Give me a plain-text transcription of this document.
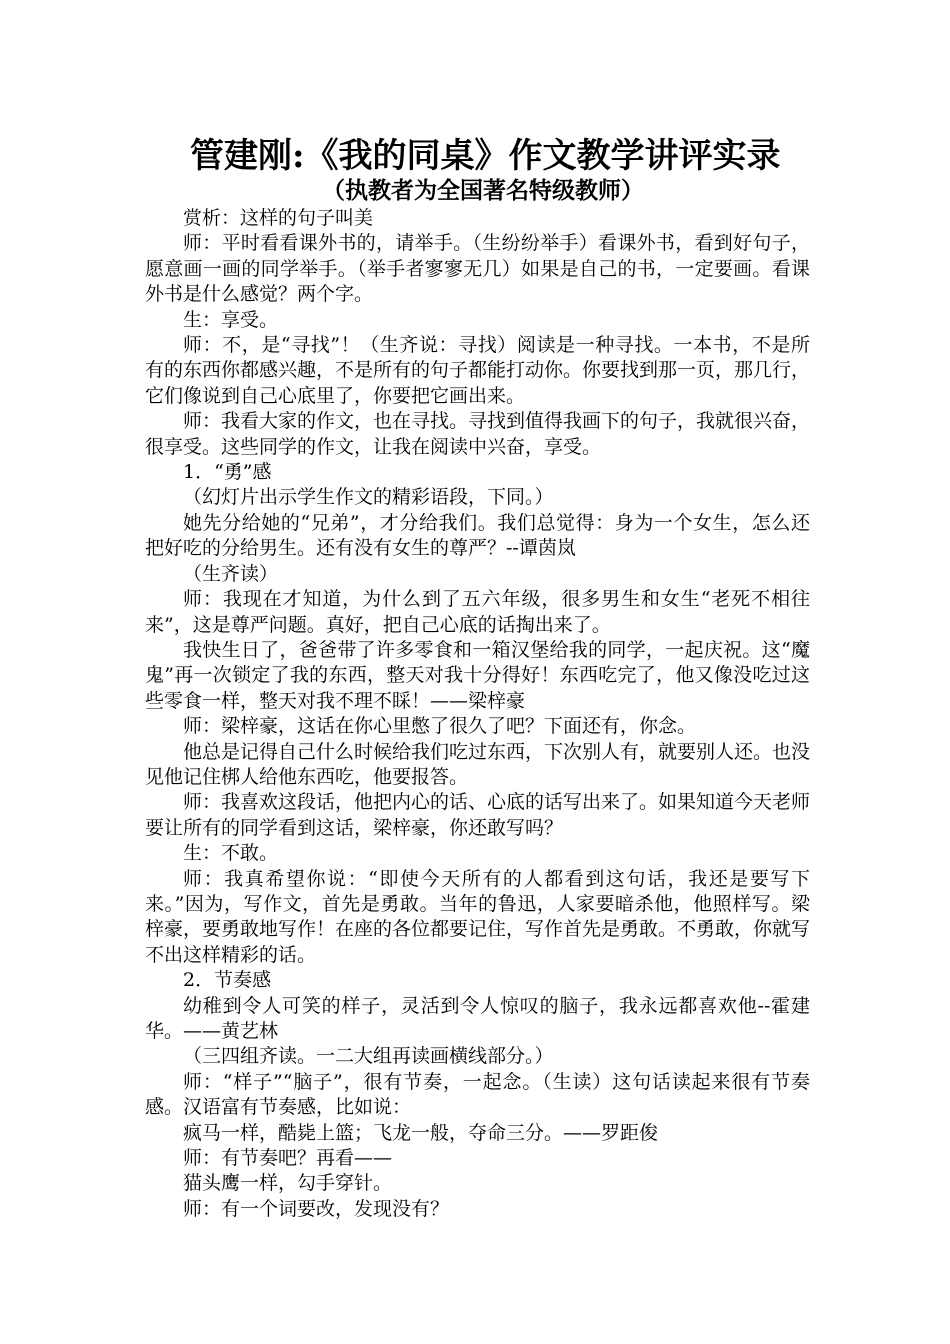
管建刚:《我的同桌》作文教学讲评实录
（执教者为全国著名特级教师）

赏析：这样的句子叫美

师：平时看看课外书的，请举手。（生纷纷举手）看课外书，看到好句子，愿意画一画的同学举手。（举手者寥寥无几）如果是自己的书，一定要画。看课外书是什么感觉？两个字。

生：享受。

师：不，是“寻找”！（生齐说：寻找）阅读是一种寻找。一本书，不是所有的东西你都感兴趣，不是所有的句子都能打动你。你要找到那一页，那几行，它们像说到自己心底里了，你要把它画出来。

师：我看大家的作文，也在寻找。寻找到值得我画下的句子，我就很兴奋，很享受。这些同学的作文，让我在阅读中兴奋，享受。

1．“勇”感

（幻灯片出示学生作文的精彩语段，下同。）

她先分给她的“兄弟”，才分给我们。我们总觉得：身为一个女生，怎么还把好吃的分给男生。还有没有女生的尊严？--谭茵岚

（生齐读）

师：我现在才知道，为什么到了五六年级，很多男生和女生“老死不相往来”，这是尊严问题。真好，把自己心底的话掏出来了。

我快生日了，爸爸带了许多零食和一箱汉堡给我的同学，一起庆祝。这“魔鬼”再一次锁定了我的东西，整天对我十分得好！东西吃完了，他又像没吃过这些零食一样，整天对我不理不睬！——梁梓豪

师：梁梓豪，这话在你心里憋了很久了吧？下面还有，你念。

他总是记得自己什么时候给我们吃过东西，下次别人有，就要别人还。也没见他记住梆人给他东西吃，他要报答。

师：我喜欢这段话，他把内心的话、心底的话写出来了。如果知道今天老师要让所有的同学看到这话，梁梓豪，你还敢写吗？

生：不敢。

师：我真希望你说：“即使今天所有的人都看到这句话，我还是要写下来。”因为，写作文，首先是勇敢。当年的鲁迅，人家要暗杀他，他照样写。梁梓豪，要勇敢地写作！在座的各位都要记住，写作首先是勇敢。不勇敢，你就写不出这样精彩的话。

2．节奏感

幼稚到令人可笑的样子，灵活到令人惊叹的脑子，我永远都喜欢他--霍建华。——黄艺林

（三四组齐读。一二大组再读画横线部分。）

师：“样子”“脑子”，很有节奏，一起念。（生读）这句话读起来很有节奏感。汉语富有节奏感，比如说：

疯马一样，酷毙上篮；飞龙一般，夺命三分。——罗距俊

师：有节奏吧？再看——

猫头鹰一样，勾手穿针。

师：有一个词要改，发现没有？
